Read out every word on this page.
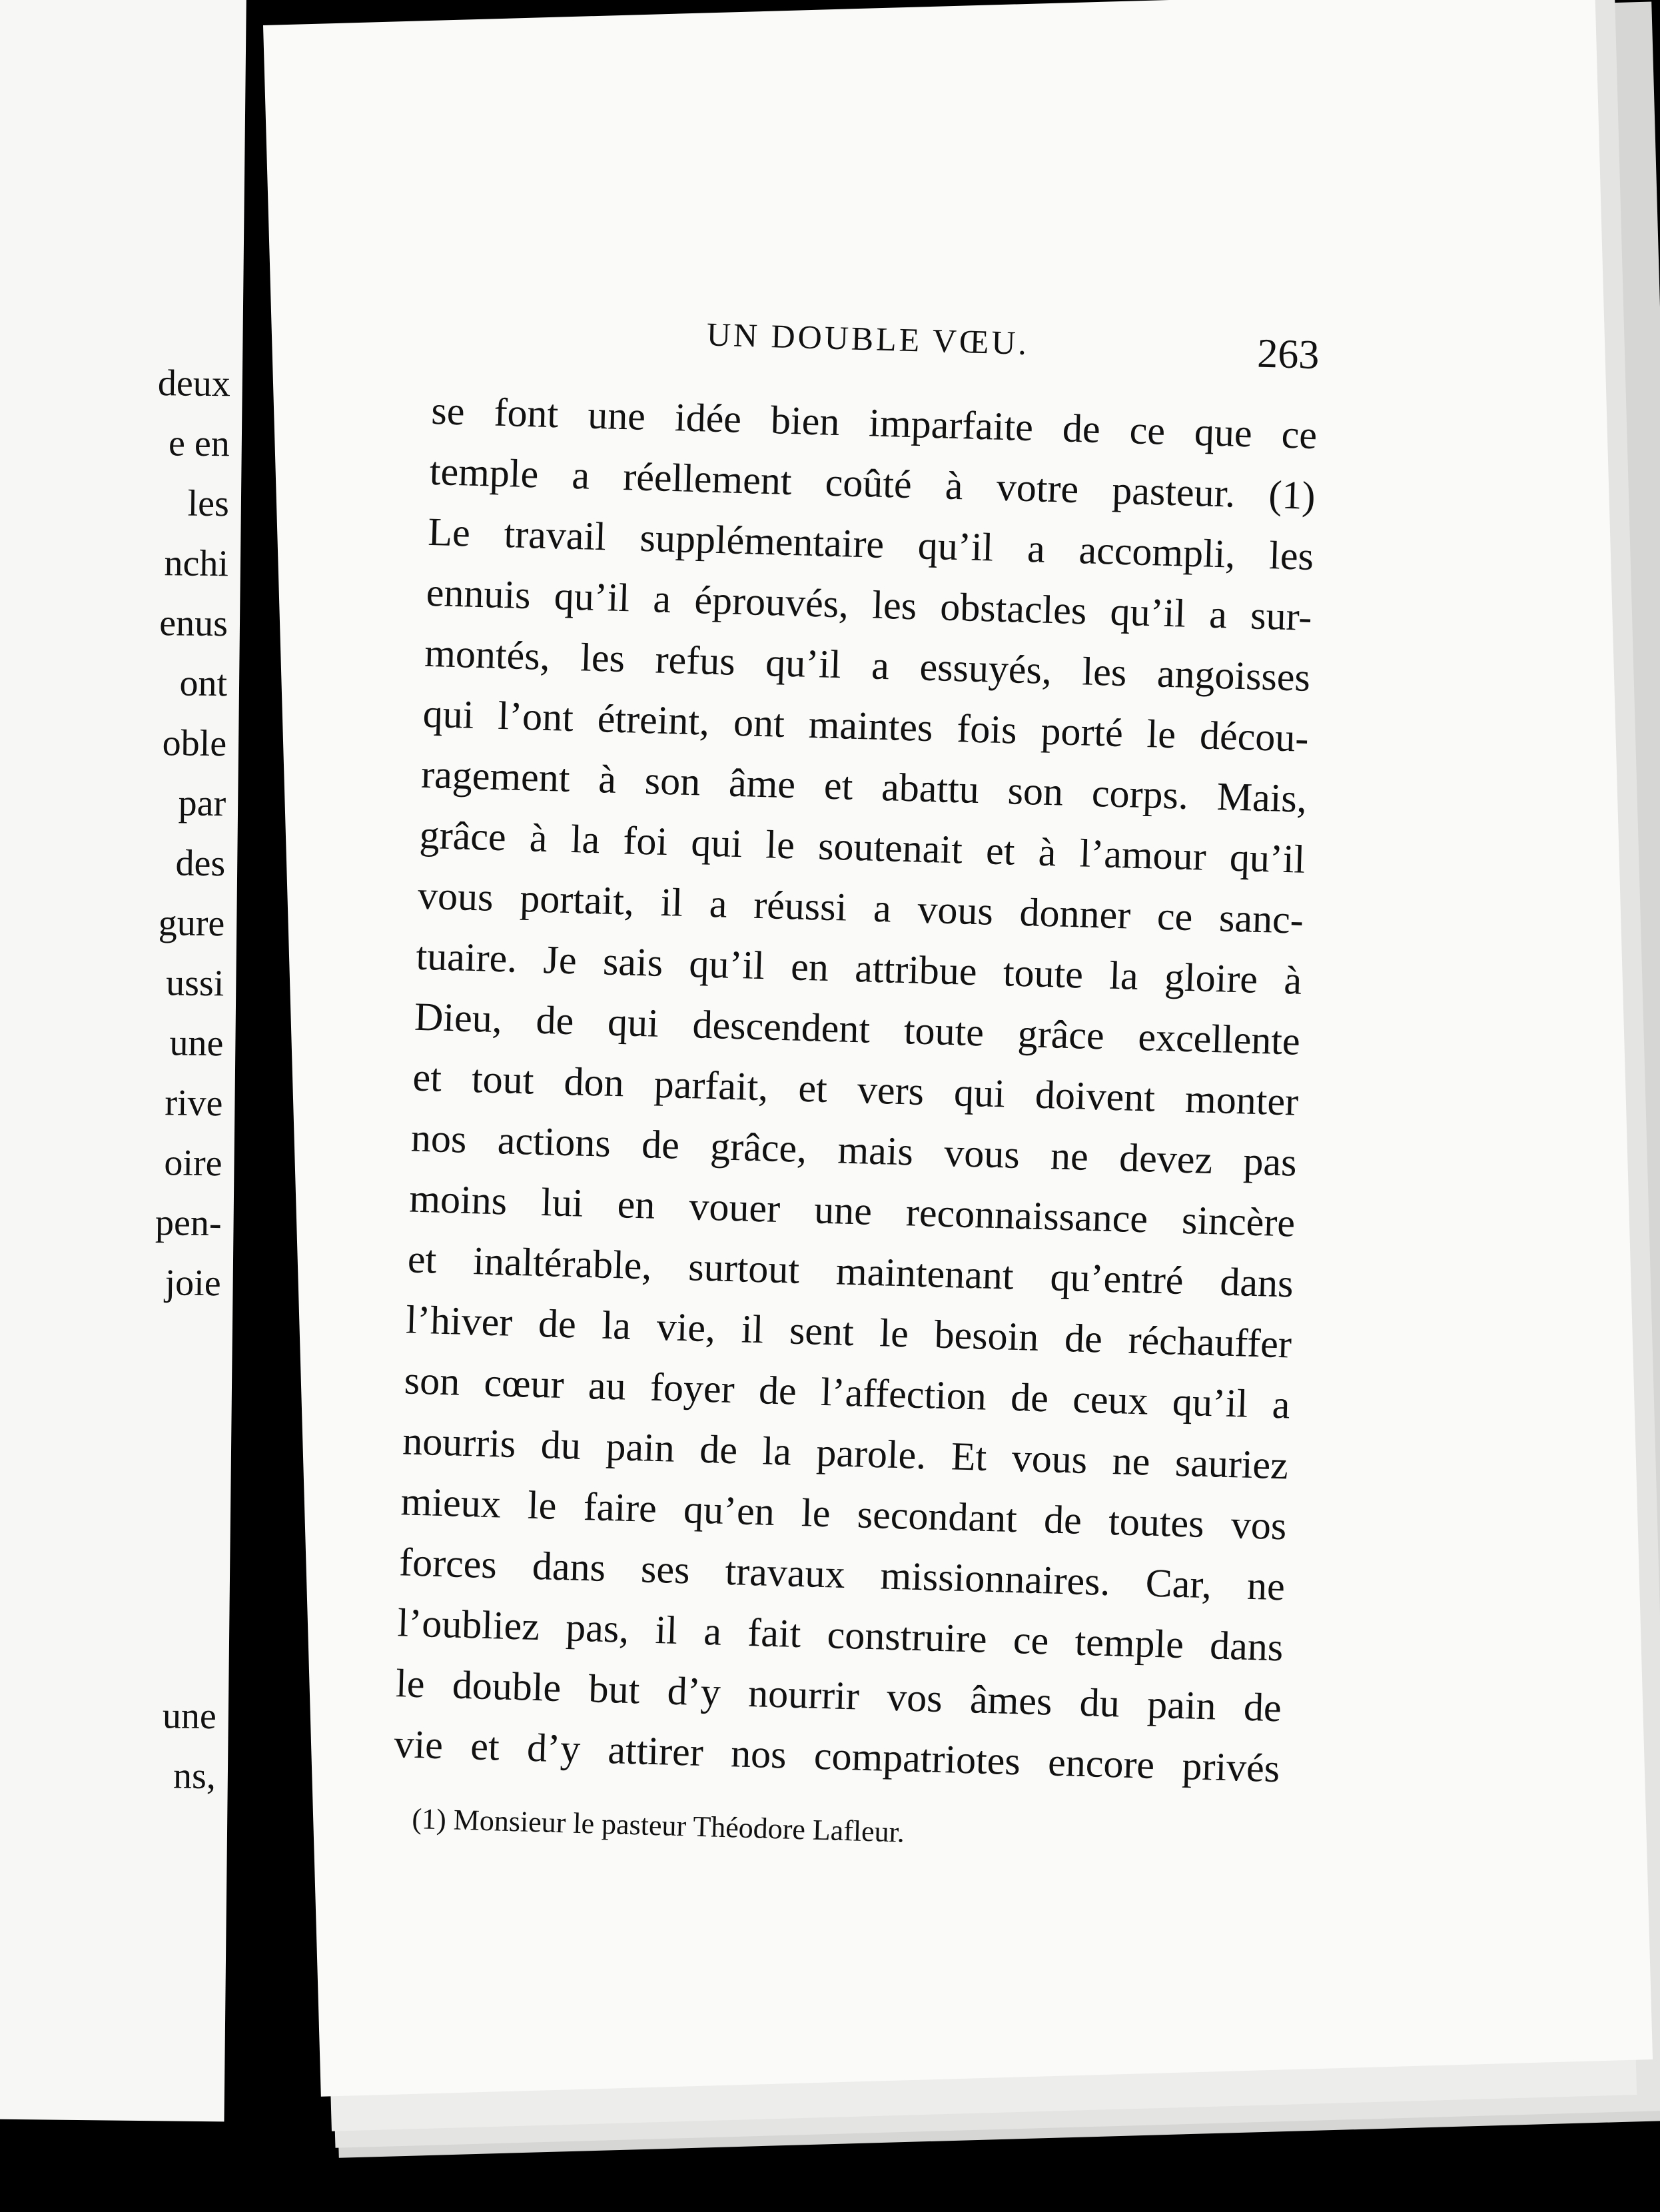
deux
e en
les
nchi
enus
ont
oble
par
des
gure
ussi
une
rive
oire
pen-
joie
une
ns,
UN DOUBLE VŒU.	263
se font une idée bien imparfaite de ce que ce
temple a réellement coûté à votre pasteur. (1)
Le travail supplémentaire qu’il a accompli, les
ennuis qu’il a éprouvés, les obstacles qu’il a sur-
montés, les refus qu’il a essuyés, les angoisses
qui l’ont étreint, ont maintes fois porté le décou-
ragement à son âme et abattu son corps. Mais,
grâce à la foi qui le soutenait et à l’amour qu’il
vous portait, il a réussi a vous donner ce sanc-
tuaire. Je sais qu’il en attribue toute la gloire à
Dieu, de qui descendent toute grâce excellente
et tout don parfait, et vers qui doivent monter
nos actions de grâce, mais vous ne devez pas
moins lui en vouer une reconnaissance sincère
et inaltérable, surtout maintenant qu’entré dans
l’hiver de la vie, il sent le besoin de réchauffer
son cœur au foyer de l’affection de ceux qu’il a
nourris du pain de la parole. Et vous ne sauriez
mieux le faire qu’en le secondant de toutes vos
forces dans ses travaux missionnaires. Car, ne
l’oubliez pas, il a fait construire ce temple dans
le double but d’y nourrir vos âmes du pain de
vie et d’y attirer nos compatriotes encore privés
(1) Monsieur le pasteur Théodore Lafleur.
